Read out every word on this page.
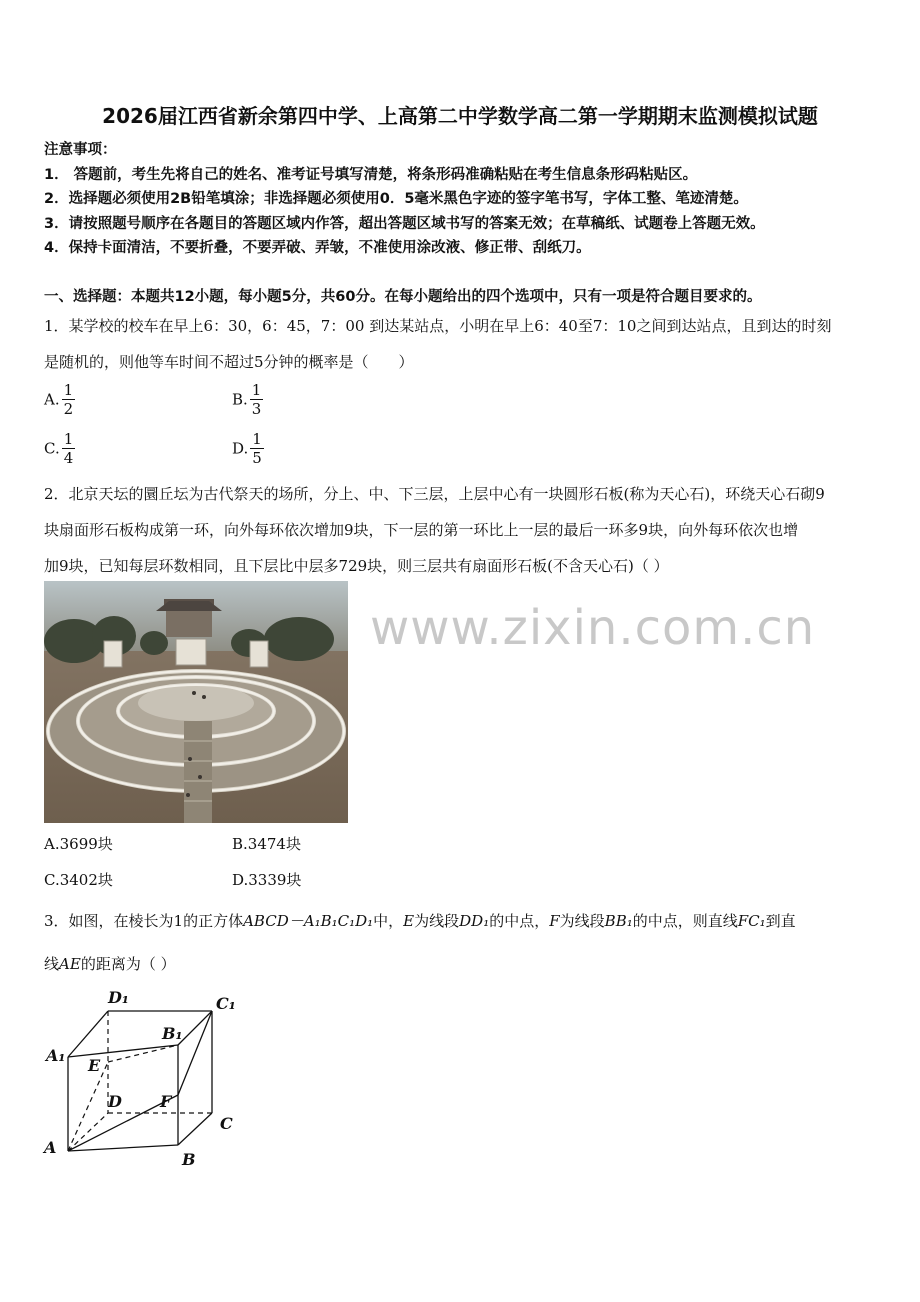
2026届江西省新余第四中学、上高第二中学数学高二第一学期期末监测模拟试题
注意事项：
1． 答题前，考生先将自己的姓名、准考证号填写清楚，将条形码准确粘贴在考生信息条形码粘贴区。
2．选择题必须使用2B铅笔填涂；非选择题必须使用0．5毫米黑色字迹的签字笔书写，字体工整、笔迹清楚。
3．请按照题号顺序在各题目的答题区域内作答，超出答题区域书写的答案无效；在草稿纸、试题卷上答题无效。
4．保持卡面清洁，不要折叠，不要弄破、弄皱，不准使用涂改液、修正带、刮纸刀。
一、选择题：本题共12小题，每小题5分，共60分。在每小题给出的四个选项中，只有一项是符合题目要求的。
1．某学校的校车在早上6：30，6：45，7：00 到达某站点，小明在早上6：40至7：10之间到达站点，且到达的时刻
是随机的，则他等车时间不超过5分钟的概率是（　　）
A. $\frac{1}{2}$	B. $\frac{1}{3}$
C. $\frac{1}{4}$	D. $\frac{1}{5}$
2．北京天坛的圜丘坛为古代祭天的场所，分上、中、下三层，上层中心有一块圆形石板(称为天心石)，环绕天心石砌9
块扇面形石板构成第一环，向外每环依次增加9块，下一层的第一环比上一层的最后一环多9块，向外每环依次也增
加9块，已知每层环数相同，且下层比中层多729块，则三层共有扇面形石板(不含天心石)（ ）
www.zixin.com.cn
A.3699块	B.3474块
C.3402块	D.3339块
3．如图，在棱长为1的正方体ABCD－A₁B₁C₁D₁中，E为线段DD₁的中点，F为线段BB₁的中点，则直线FC₁到直
线AE的距离为（ ）
D₁	C₁
B₁
A₁
E
D F
C
A
B
